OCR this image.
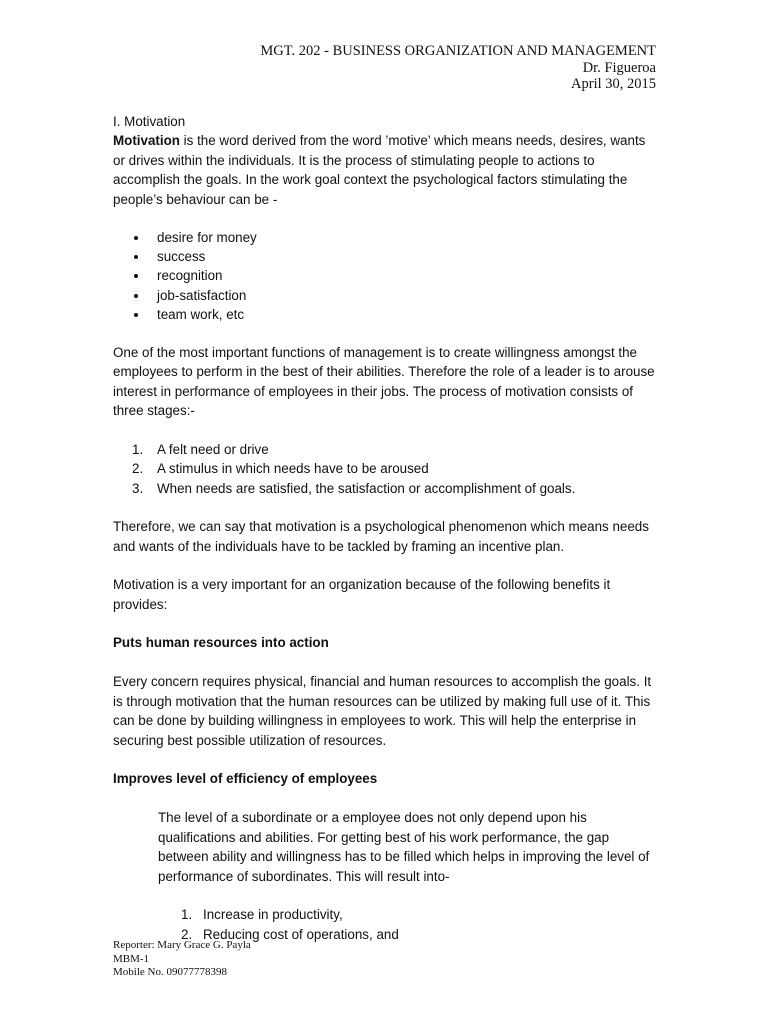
MGT. 202 - BUSINESS ORGANIZATION AND MANAGEMENT
Dr. Figueroa
April 30, 2015

I. Motivation

Motivation is the word derived from the word ’motive’ which means needs, desires, wants or drives within the individuals. It is the process of stimulating people to actions to accomplish the goals. In the work goal context the psychological factors stimulating the people’s behaviour can be -

desire for money
success
recognition
job-satisfaction
team work, etc

One of the most important functions of management is to create willingness amongst the employees to perform in the best of their abilities. Therefore the role of a leader is to arouse interest in performance of employees in their jobs. The process of motivation consists of three stages:-

1. A felt need or drive
2. A stimulus in which needs have to be aroused
3. When needs are satisfied, the satisfaction or accomplishment of goals.

Therefore, we can say that motivation is a psychological phenomenon which means needs and wants of the individuals have to be tackled by framing an incentive plan.

Motivation is a very important for an organization because of the following benefits it provides:

Puts human resources into action

Every concern requires physical, financial and human resources to accomplish the goals. It is through motivation that the human resources can be utilized by making full use of it. This can be done by building willingness in employees to work. This will help the enterprise in securing best possible utilization of resources.

Improves level of efficiency of employees

The level of a subordinate or a employee does not only depend upon his qualifications and abilities. For getting best of his work performance, the gap between ability and willingness has to be filled which helps in improving the level of performance of subordinates. This will result into-

1. Increase in productivity,
2. Reducing cost of operations, and
Reporter: Mary Grace G. Payla
MBM-1
Mobile No. 09077778398
